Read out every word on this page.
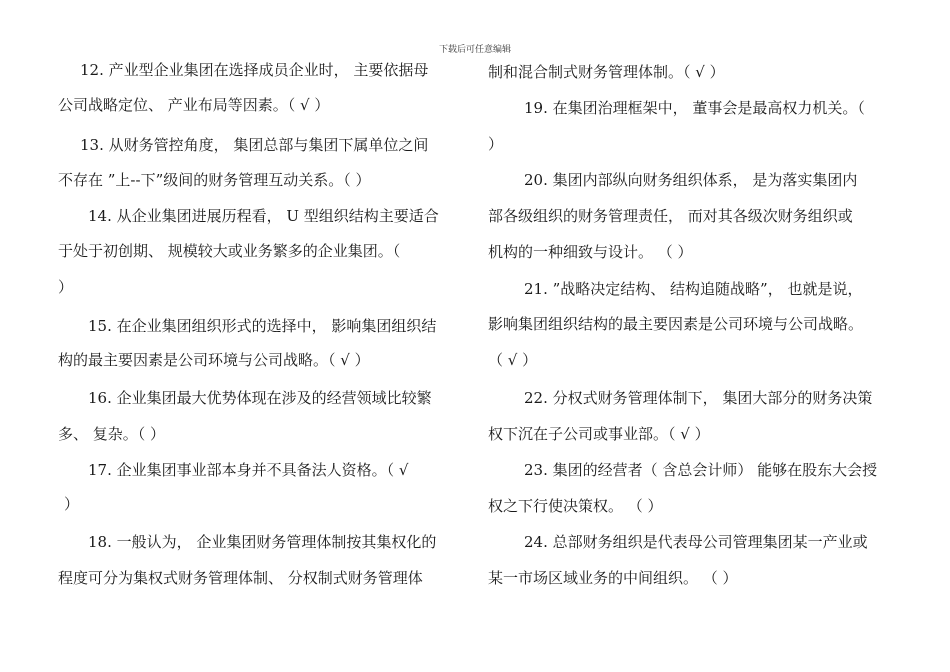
下载后可任意编辑
12. 产业型企业集团在选择成员企业时， 主要依据母
公司战略定位、 产业布局等因素。（ √ ）
13. 从财务管控角度， 集团总部与集团下属单位之间
不存在 ”上--下”级间的财务管理互动关系。（ ）
14. 从企业集团进展历程看， U 型组织结构主要适合
于处于初创期、 规模较大或业务繁多的企业集团。（
）
15. 在企业集团组织形式的选择中， 影响集团组织结
构的最主要因素是公司环境与公司战略。（ √ ）
16. 企业集团最大优势体现在涉及的经营领域比较繁
多、 复杂。（ ）
17. 企业集团事业部本身并不具备法人资格。（ √
）
18. 一般认为， 企业集团财务管理体制按其集权化的
程度可分为集权式财务管理体制、 分权制式财务管理体
制和混合制式财务管理体制。（ √ ）
19. 在集团治理框架中， 董事会是最高权力机关。（
）
20. 集团内部纵向财务组织体系， 是为落实集团内
部各级组织的财务管理责任， 而对其各级次财务组织或
机构的一种细致与设计。 （ ）
21. ”战略决定结构、 结构追随战略”， 也就是说，
影响集团组织结构的最主要因素是公司环境与公司战略。
（ √ ）
22. 分权式财务管理体制下， 集团大部分的财务决策
权下沉在子公司或事业部。（ √ ）
23. 集团的经营者（ 含总会计师） 能够在股东大会授
权之下行使决策权。 （ ）
24. 总部财务组织是代表母公司管理集团某一产业或
某一市场区域业务的中间组织。 （ ）
